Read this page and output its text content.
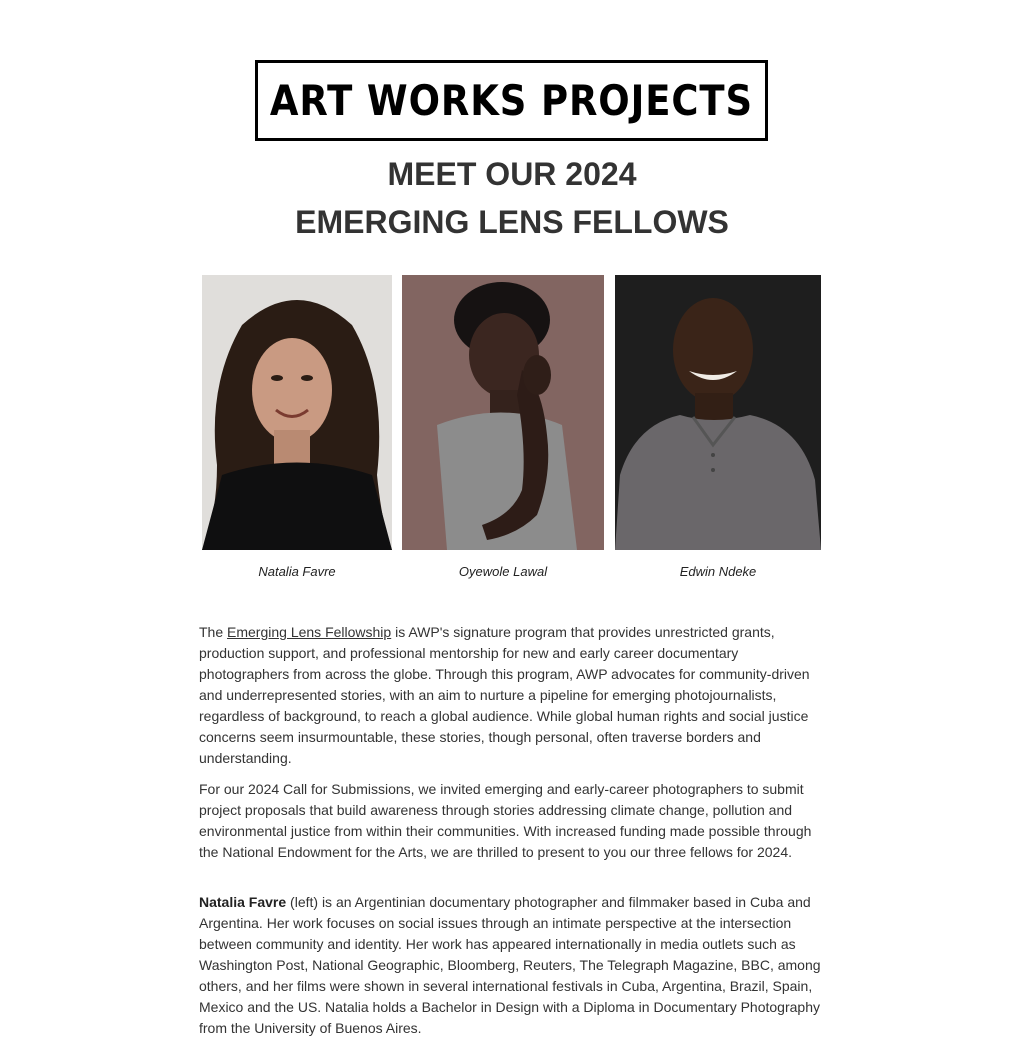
ART WORKS PROJECTS
MEET OUR 2024
EMERGING LENS FELLOWS
Natalia Favre	Oyewole Lawal	Edwin Ndeke

The Emerging Lens Fellowship is AWP's signature program that provides unrestricted grants, production support, and professional mentorship for new and early career documentary photographers from across the globe. Through this program, AWP advocates for community-driven and underrepresented stories, with an aim to nurture a pipeline for emerging photojournalists, regardless of background, to reach a global audience. While global human rights and social justice concerns seem insurmountable, these stories, though personal, often traverse borders and understanding.

For our 2024 Call for Submissions, we invited emerging and early-career photographers to submit project proposals that build awareness through stories addressing climate change, pollution and environmental justice from within their communities. With increased funding made possible through the National Endowment for the Arts, we are thrilled to present to you our three fellows for 2024.

Natalia Favre (left) is an Argentinian documentary photographer and filmmaker based in Cuba and Argentina. Her work focuses on social issues through an intimate perspective at the intersection between community and identity. Her work has appeared internationally in media outlets such as Washington Post, National Geographic, Bloomberg, Reuters, The Telegraph Magazine, BBC, among others, and her films were shown in several international festivals in Cuba, Argentina, Brazil, Spain, Mexico and the US. Natalia holds a Bachelor in Design with a Diploma in Documentary Photography from the University of Buenos Aires.
